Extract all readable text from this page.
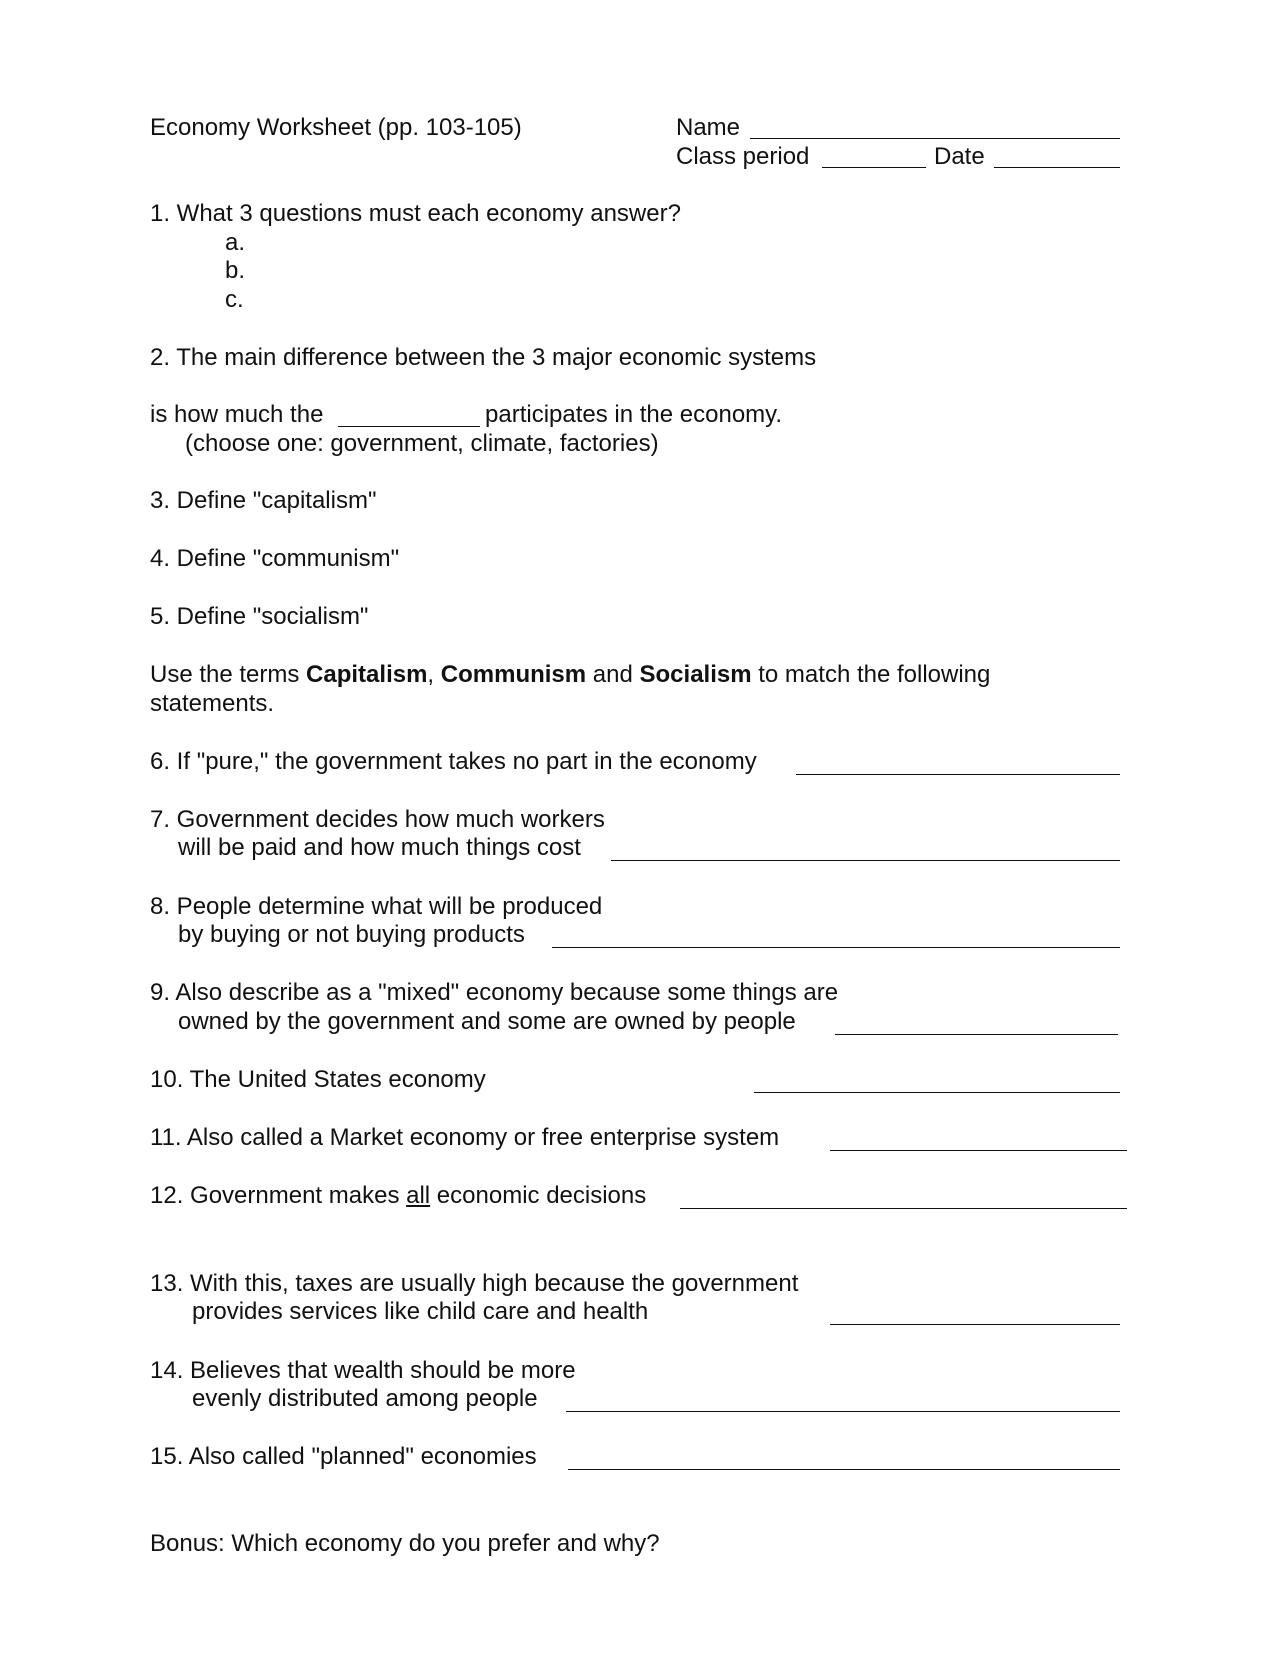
Economy Worksheet (pp. 103-105)	Name
Class period	Date
1. What 3 questions must each economy answer?
a.
b.
c.
2. The main difference between the 3 major economic systems
is how much the	participates in the economy.
(choose one: government, climate, factories)
3. Define "capitalism"
4. Define "communism"
5. Define "socialism"
Use the terms Capitalism, Communism and Socialism to match the following
statements.
6. If "pure," the government takes no part in the economy
7. Government decides how much workers
will be paid and how much things cost
8. People determine what will be produced
by buying or not buying products
9. Also describe as a "mixed" economy because some things are
owned by the government and some are owned by people
10. The United States economy
11. Also called a Market economy or free enterprise system
12. Government makes all economic decisions
13. With this, taxes are usually high because the government
provides services like child care and health
14. Believes that wealth should be more
evenly distributed among people
15. Also called "planned" economies
Bonus: Which economy do you prefer and why?
